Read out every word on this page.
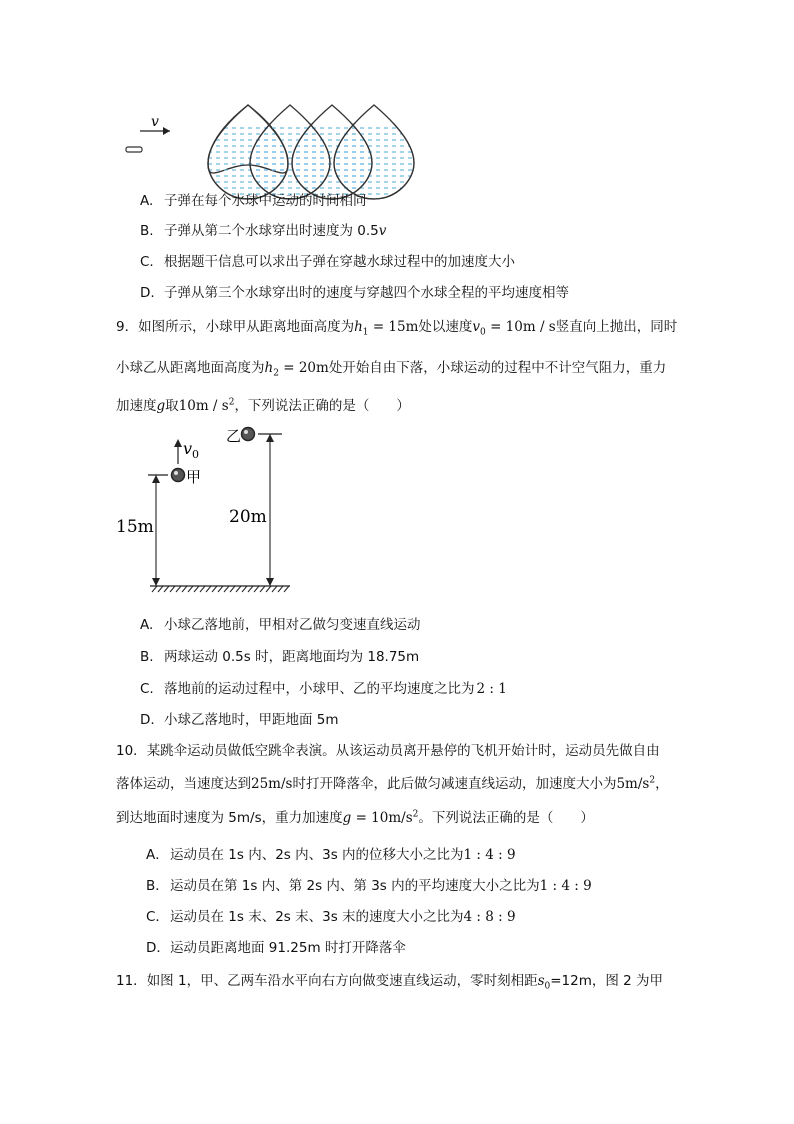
v
A. 子弹在每个水球中运动的时间相同
B. 子弹从第二个水球穿出时速度为 0.5v
C. 根据题干信息可以求出子弹在穿越水球过程中的加速度大小
D. 子弹从第三个水球穿出时的速度与穿越四个水球全程的平均速度相等
9．如图所示，小球甲从距离地面高度为$h_1 = 15m$处以速度$v_0 = 10m / s$竖直向上抛出，同时
小球乙从距离地面高度为$h_2 = 20m$处开始自由下落，小球运动的过程中不计空气阻力，重力
加速度g取$10m / s^2$，下列说法正确的是（　　）
15m
甲
$v_0$
20m
乙
A. 小球乙落地前，甲相对乙做匀变速直线运动
B. 两球运动 0.5s 时，距离地面均为 18.75m
C. 落地前的运动过程中，小球甲、乙的平均速度之比为 2 : 1
D. 小球乙落地时，甲距地面 5m
10．某跳伞运动员做低空跳伞表演。从该运动员离开悬停的飞机开始计时，运动员先做自由
落体运动，当速度达到25m/s时打开降落伞，此后做匀减速直线运动，加速度大小为$5m/s^2$，
到达地面时速度为 5m/s，重力加速度$g = 10m/s^2$。下列说法正确的是（　　）
A．运动员在 1s 内、2s 内、3s 内的位移大小之比为1 : 4 : 9
B．运动员在第 1s 内、第 2s 内、第 3s 内的平均速度大小之比为1 : 4 : 9
C．运动员在 1s 末、2s 末、3s 末的速度大小之比为4 : 8 : 9
D．运动员距离地面 91.25m 时打开降落伞
11．如图 1，甲、乙两车沿水平向右方向做变速直线运动，零时刻相距$s_0=12m$，图 2 为甲
